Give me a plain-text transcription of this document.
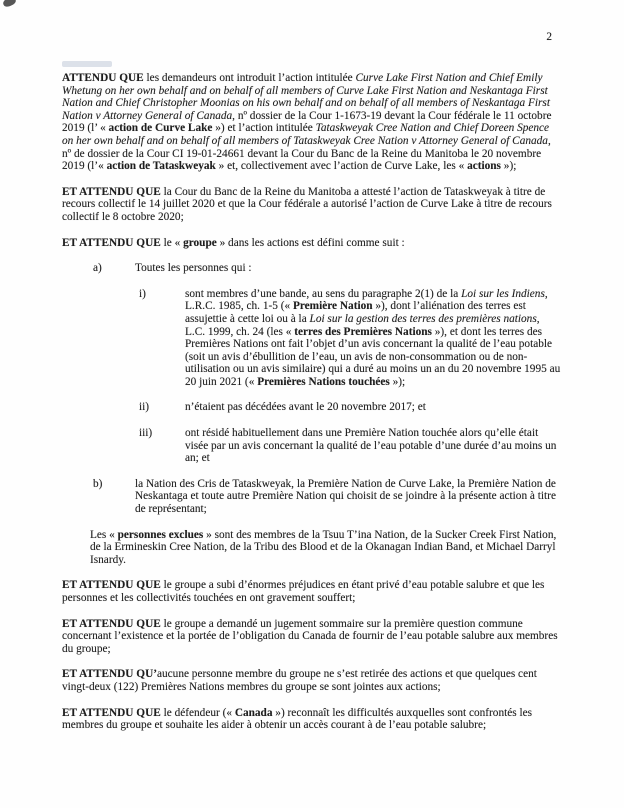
2
ATTENDU QUE les demandeurs ont introduit l’action intitulée Curve Lake First Nation and Chief Emily Whetung on her own behalf and on behalf of all members of Curve Lake First Nation and Neskantaga First Nation and Chief Christopher Moonias on his own behalf and on behalf of all members of Neskantaga First Nation v Attorney General of Canada, nº dossier de la Cour 1-1673-19 devant la Cour fédérale le 11 octobre 2019 (l’ « action de Curve Lake ») et l’action intitulée Tataskweyak Cree Nation and Chief Doreen Spence on her own behalf and on behalf of all members of Tataskweyak Cree Nation v Attorney General of Canada, nº de dossier de la Cour CI 19-01-24661 devant la Cour du Banc de la Reine du Manitoba le 20 novembre 2019 (l’« action de Tataskweyak » et, collectivement avec l’action de Curve Lake, les « actions »);
ET ATTENDU QUE la Cour du Banc de la Reine du Manitoba a attesté l’action de Tataskweyak à titre de recours collectif le 14 juillet 2020 et que la Cour fédérale a autorisé l’action de Curve Lake à titre de recours collectif le 8 octobre 2020;
ET ATTENDU QUE le « groupe » dans les actions est défini comme suit :
a)	Toutes les personnes qui :
i)	sont membres d’une bande, au sens du paragraphe 2(1) de la Loi sur les Indiens, L.R.C. 1985, ch. 1-5 (« Première Nation »), dont l’aliénation des terres est assujettie à cette loi ou à la Loi sur la gestion des terres des premières nations, L.C. 1999, ch. 24 (les « terres des Premières Nations »), et dont les terres des Premières Nations ont fait l’objet d’un avis concernant la qualité de l’eau potable (soit un avis d’ébullition de l’eau, un avis de non-consommation ou de non-utilisation ou un avis similaire) qui a duré au moins un an du 20 novembre 1995 au 20 juin 2021 (« Premières Nations touchées »);
ii)	n’étaient pas décédées avant le 20 novembre 2017; et
iii)	ont résidé habituellement dans une Première Nation touchée alors qu’elle était visée par un avis concernant la qualité de l’eau potable d’une durée d’au moins un an; et
b)	la Nation des Cris de Tataskweyak, la Première Nation de Curve Lake, la Première Nation de Neskantaga et toute autre Première Nation qui choisit de se joindre à la présente action à titre de représentant;
Les « personnes exclues » sont des membres de la Tsuu T’ina Nation, de la Sucker Creek First Nation, de la Ermineskin Cree Nation, de la Tribu des Blood et de la Okanagan Indian Band, et Michael Darryl Isnardy.
ET ATTENDU QUE le groupe a subi d’énormes préjudices en étant privé d’eau potable salubre et que les personnes et les collectivités touchées en ont gravement souffert;
ET ATTENDU QUE le groupe a demandé un jugement sommaire sur la première question commune concernant l’existence et la portée de l’obligation du Canada de fournir de l’eau potable salubre aux membres du groupe;
ET ATTENDU QU’aucune personne membre du groupe ne s’est retirée des actions et que quelques cent vingt-deux (122) Premières Nations membres du groupe se sont jointes aux actions;
ET ATTENDU QUE le défendeur (« Canada ») reconnaît les difficultés auxquelles sont confrontés les membres du groupe et souhaite les aider à obtenir un accès courant à de l’eau potable salubre;
